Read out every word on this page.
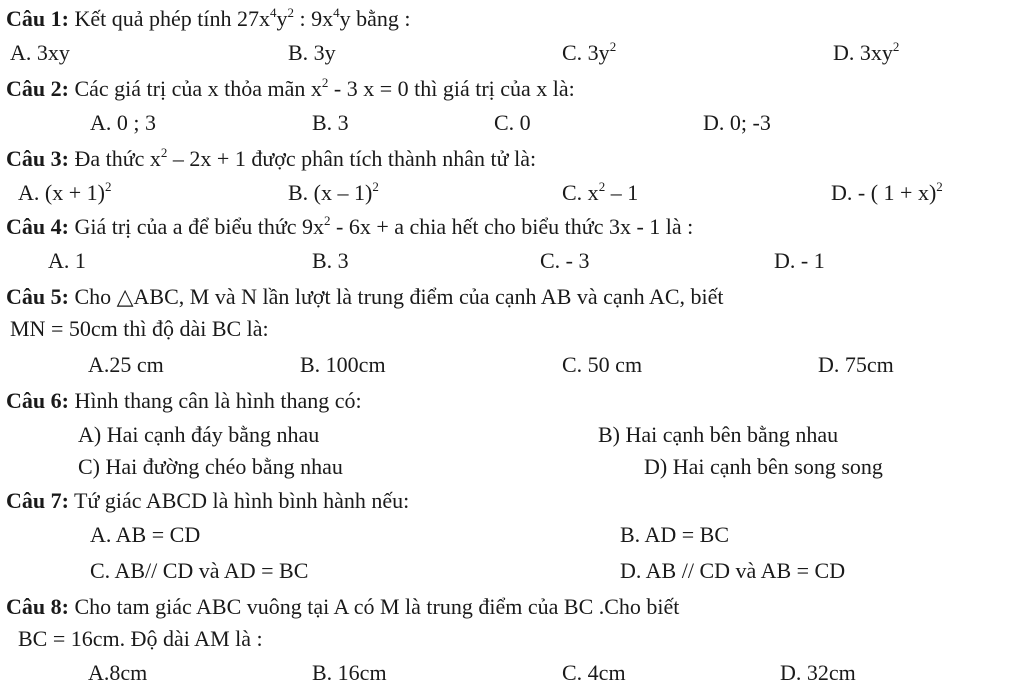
Câu 1: Kết quả phép tính $27x^4y^2$ : $9x^4y$ bằng :
A. 3xy	B. 3y	C. $3y^2$	D. $3xy^2$
Câu 2: Các giá trị của x thỏa mãn $x^2 - 3$ x = 0 thì giá trị của x là:
A. 0 ; 3	B. 3	C. 0	D. 0; -3
Câu 3: Đa thức $x^2 - 2x + 1$ được phân tích thành nhân tử là:
A. $(x + 1)^2$	B. (x – 1)$^2$	C. $x^2 - 1$	D. - ( 1 + x)$^2$
Câu 4: Giá trị của a để biểu thức $9x^2 - 6x + a$ chia hết cho biểu thức 3x - 1 là :
A. 1	B. 3	C. - 3	D. - 1
Câu 5: Cho △ABC, M và N lần lượt là trung điểm của cạnh AB và cạnh AC, biết
MN = 50cm thì độ dài BC là:
A.25 cm	B. 100cm	C. 50 cm	D. 75cm
Câu 6: Hình thang cân là hình thang có:
A) Hai cạnh đáy bằng nhau	B) Hai cạnh bên bằng nhau
C) Hai đường chéo bằng nhau	D) Hai cạnh bên song song
Câu 7: Tứ giác ABCD là hình bình hành nếu:
A. AB = CD	B. AD = BC
C. AB// CD và AD = BC	D. AB // CD và AB = CD
Câu 8: Cho tam giác ABC vuông tại A có M là trung điểm của BC .Cho biết
BC = 16cm. Độ dài AM là :
A.8cm	B. 16cm	C. 4cm	D. 32cm
